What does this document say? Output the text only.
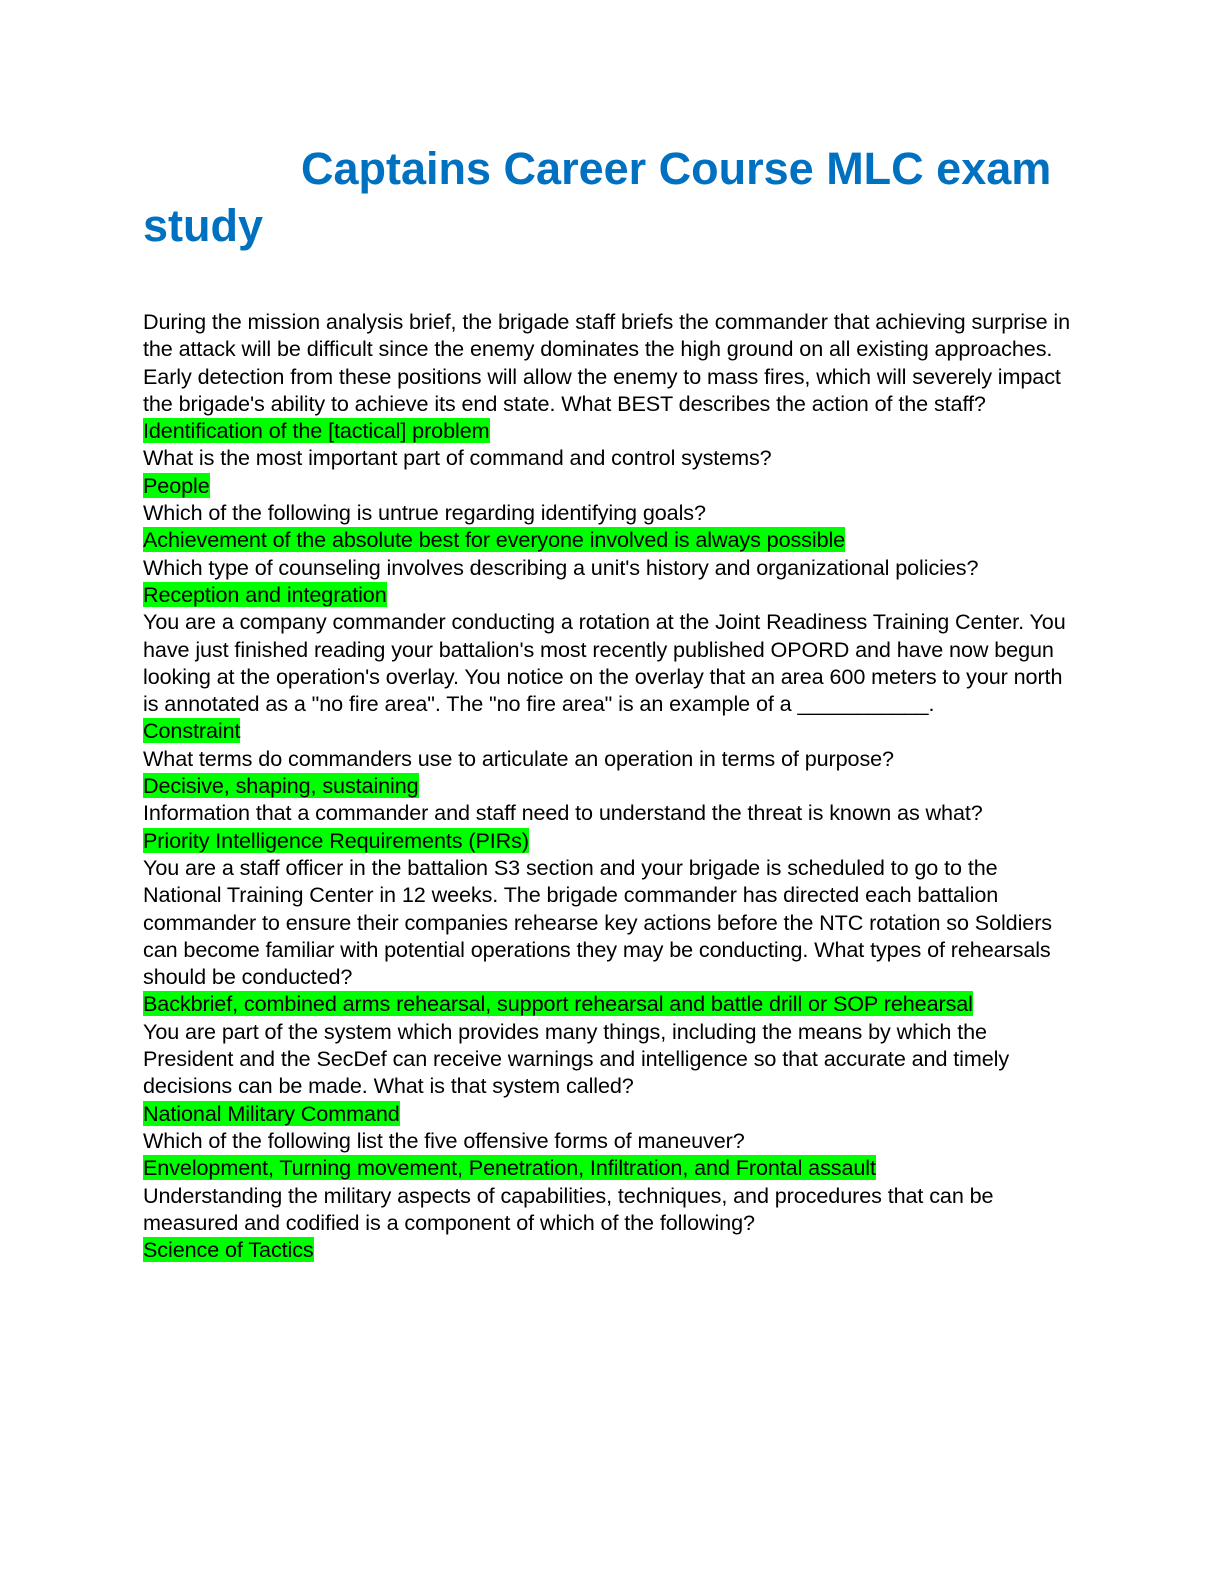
Captains Career Course MLC exam study

During the mission analysis brief, the brigade staff briefs the commander that achieving surprise in the attack will be difficult since the enemy dominates the high ground on all existing approaches. Early detection from these positions will allow the enemy to mass fires, which will severely impact the brigade's ability to achieve its end state. What BEST describes the action of the staff?

Identification of the [tactical] problem

What is the most important part of command and control systems?

People

Which of the following is untrue regarding identifying goals?

Achievement of the absolute best for everyone involved is always possible

Which type of counseling involves describing a unit's history and organizational policies?

Reception and integration

You are a company commander conducting a rotation at the Joint Readiness Training Center. You have just finished reading your battalion's most recently published OPORD and have now begun looking at the operation's overlay. You notice on the overlay that an area 600 meters to your north is annotated as a "no fire area". The "no fire area" is an example of a ___________.

Constraint

What terms do commanders use to articulate an operation in terms of purpose?

Decisive, shaping, sustaining

Information that a commander and staff need to understand the threat is known as what?

Priority Intelligence Requirements (PIRs)

You are a staff officer in the battalion S3 section and your brigade is scheduled to go to the National Training Center in 12 weeks. The brigade commander has directed each battalion commander to ensure their companies rehearse key actions before the NTC rotation so Soldiers can become familiar with potential operations they may be conducting. What types of rehearsals should be conducted?

Backbrief, combined arms rehearsal, support rehearsal and battle drill or SOP rehearsal

You are part of the system which provides many things, including the means by which the President and the SecDef can receive warnings and intelligence so that accurate and timely decisions can be made. What is that system called?

National Military Command

Which of the following list the five offensive forms of maneuver?

Envelopment, Turning movement, Penetration, Infiltration, and Frontal assault

Understanding the military aspects of capabilities, techniques, and procedures that can be measured and codified is a component of which of the following?

Science of Tactics
